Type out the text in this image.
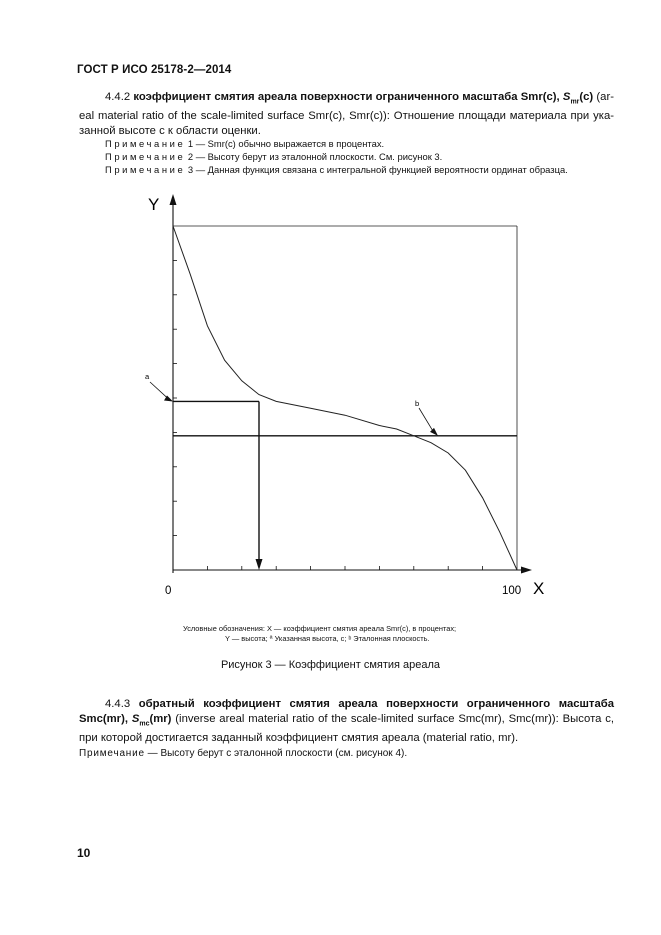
ГОСТ Р ИСО 25178-2—2014
4.4.2 коэффициент смятия ареала поверхности ограниченного масштаба Smr(c), $S_{mr}(c)$ (ar-
eal material ratio of the scale-limited surface Smr(c), Smr(c)): Отношение площади материала при ука-
занной высоте c к области оценки.
Примечание 1 — Smr(c) обычно выражается в процентах.
Примечание 2 — Высоту берут из эталонной плоскости. См. рисунок 3.
Примечание 3 — Данная функция связана с интегральной функцией вероятности ординат образца.
Y
X
0	100
a
b
Условные обозначения: X — коэффициент смятия ареала Smr(c), в процентах;
Y — высота; ª Указанная высота, c; ᵇ Эталонная плоскость.
Рисунок 3 — Коэффициент смятия ареала
4.4.3 обратный коэффициент смятия ареала поверхности ограниченного масштаба
Smc(mr), $S_{mc}(mr)$ (inverse areal material ratio of the scale-limited surface Smc(mr), Smc(mr)): Высота c,
при которой достигается заданный коэффициент смятия ареала (material ratio, mr).
Примечание — Высоту берут с эталонной плоскости (см. рисунок 4).
10
